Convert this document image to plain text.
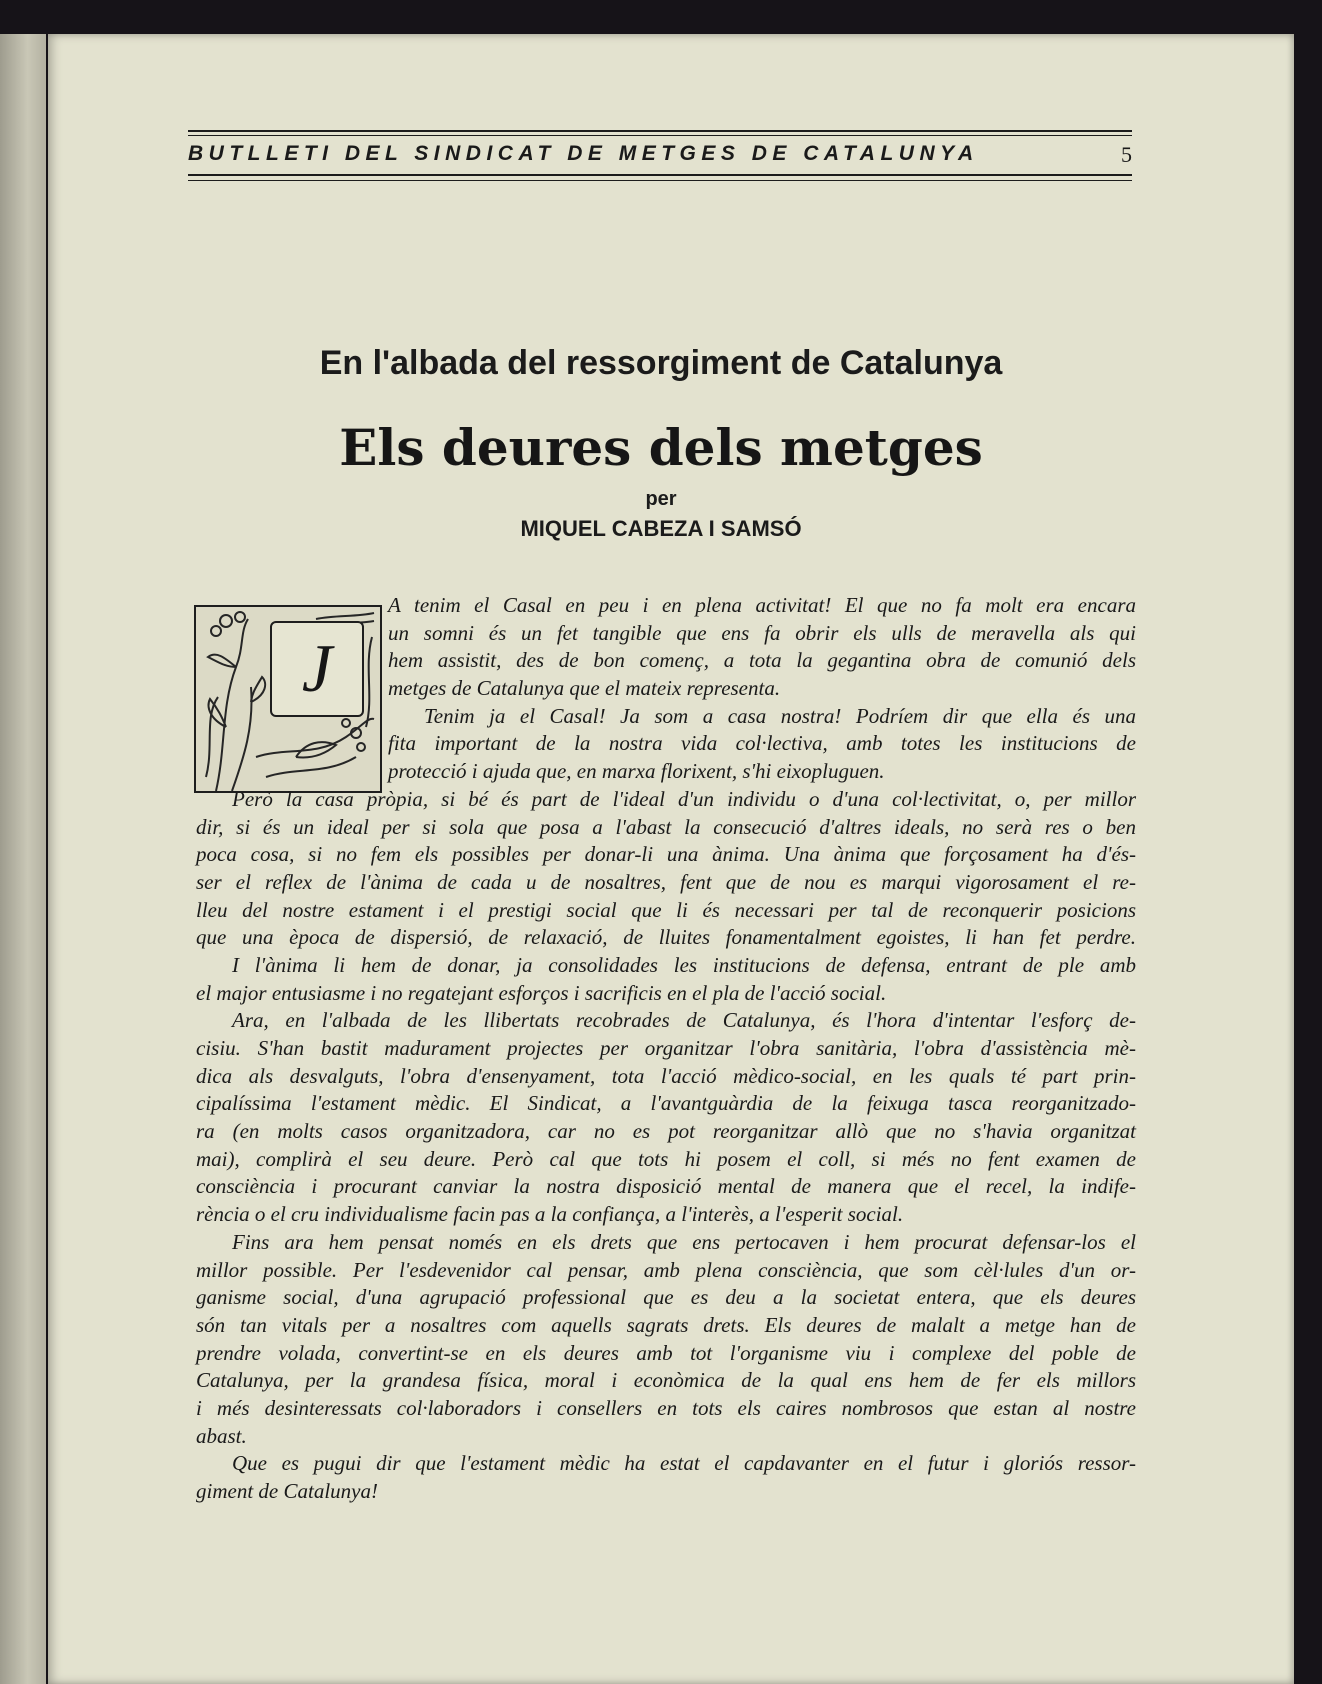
BUTLLETI DEL SINDICAT DE METGES DE CATALUNYA	5
En l'albada del ressorgiment de Catalunya
Els deures dels metges
per
MIQUEL CABEZA I SAMSÓ
J
A tenim el Casal en peu i en plena activitat! El que no fa molt era encara
un somni és un fet tangible que ens fa obrir els ulls de meravella als qui
hem assistit, des de bon començ, a tota la gegantina obra de comunió dels
metges de Catalunya que el mateix representa.
Tenim ja el Casal! Ja som a casa nostra! Podríem dir que ella és una
fita important de la nostra vida col·lectiva, amb totes les institucions de
protecció i ajuda que, en marxa florixent, s'hi eixopluguen.
Però la casa pròpia, si bé és part de l'ideal d'un individu o d'una col·lectivitat, o, per millor
dir, si és un ideal per si sola que posa a l'abast la consecució d'altres ideals, no serà res o ben
poca cosa, si no fem els possibles per donar-li una ànima. Una ànima que forçosament ha d'és-
ser el reflex de l'ànima de cada u de nosaltres, fent que de nou es marqui vigorosament el re-
lleu del nostre estament i el prestigi social que li és necessari per tal de reconquerir posicions
que una època de dispersió, de relaxació, de lluites fonamentalment egoistes, li han fet perdre.
I l'ànima li hem de donar, ja consolidades les institucions de defensa, entrant de ple amb
el major entusiasme i no regatejant esforços i sacrificis en el pla de l'acció social.
Ara, en l'albada de les llibertats recobrades de Catalunya, és l'hora d'intentar l'esforç de-
cisiu. S'han bastit madurament projectes per organitzar l'obra sanitària, l'obra d'assistència mè-
dica als desvalguts, l'obra d'ensenyament, tota l'acció mèdico-social, en les quals té part prin-
cipalíssima l'estament mèdic. El Sindicat, a l'avantguàrdia de la feixuga tasca reorganitzado-
ra (en molts casos organitzadora, car no es pot reorganitzar allò que no s'havia organitzat
mai), complirà el seu deure. Però cal que tots hi posem el coll, si més no fent examen de
consciència i procurant canviar la nostra disposició mental de manera que el recel, la indife-
rència o el cru individualisme facin pas a la confiança, a l'interès, a l'esperit social.
Fins ara hem pensat només en els drets que ens pertocaven i hem procurat defensar-los el
millor possible. Per l'esdevenidor cal pensar, amb plena consciència, que som cèl·lules d'un or-
ganisme social, d'una agrupació professional que es deu a la societat entera, que els deures
són tan vitals per a nosaltres com aquells sagrats drets. Els deures de malalt a metge han de
prendre volada, convertint-se en els deures amb tot l'organisme viu i complexe del poble de
Catalunya, per la grandesa física, moral i econòmica de la qual ens hem de fer els millors
i més desinteressats col·laboradors i consellers en tots els caires nombrosos que estan al nostre
abast.
Que es pugui dir que l'estament mèdic ha estat el capdavanter en el futur i gloriós ressor-
giment de Catalunya!
